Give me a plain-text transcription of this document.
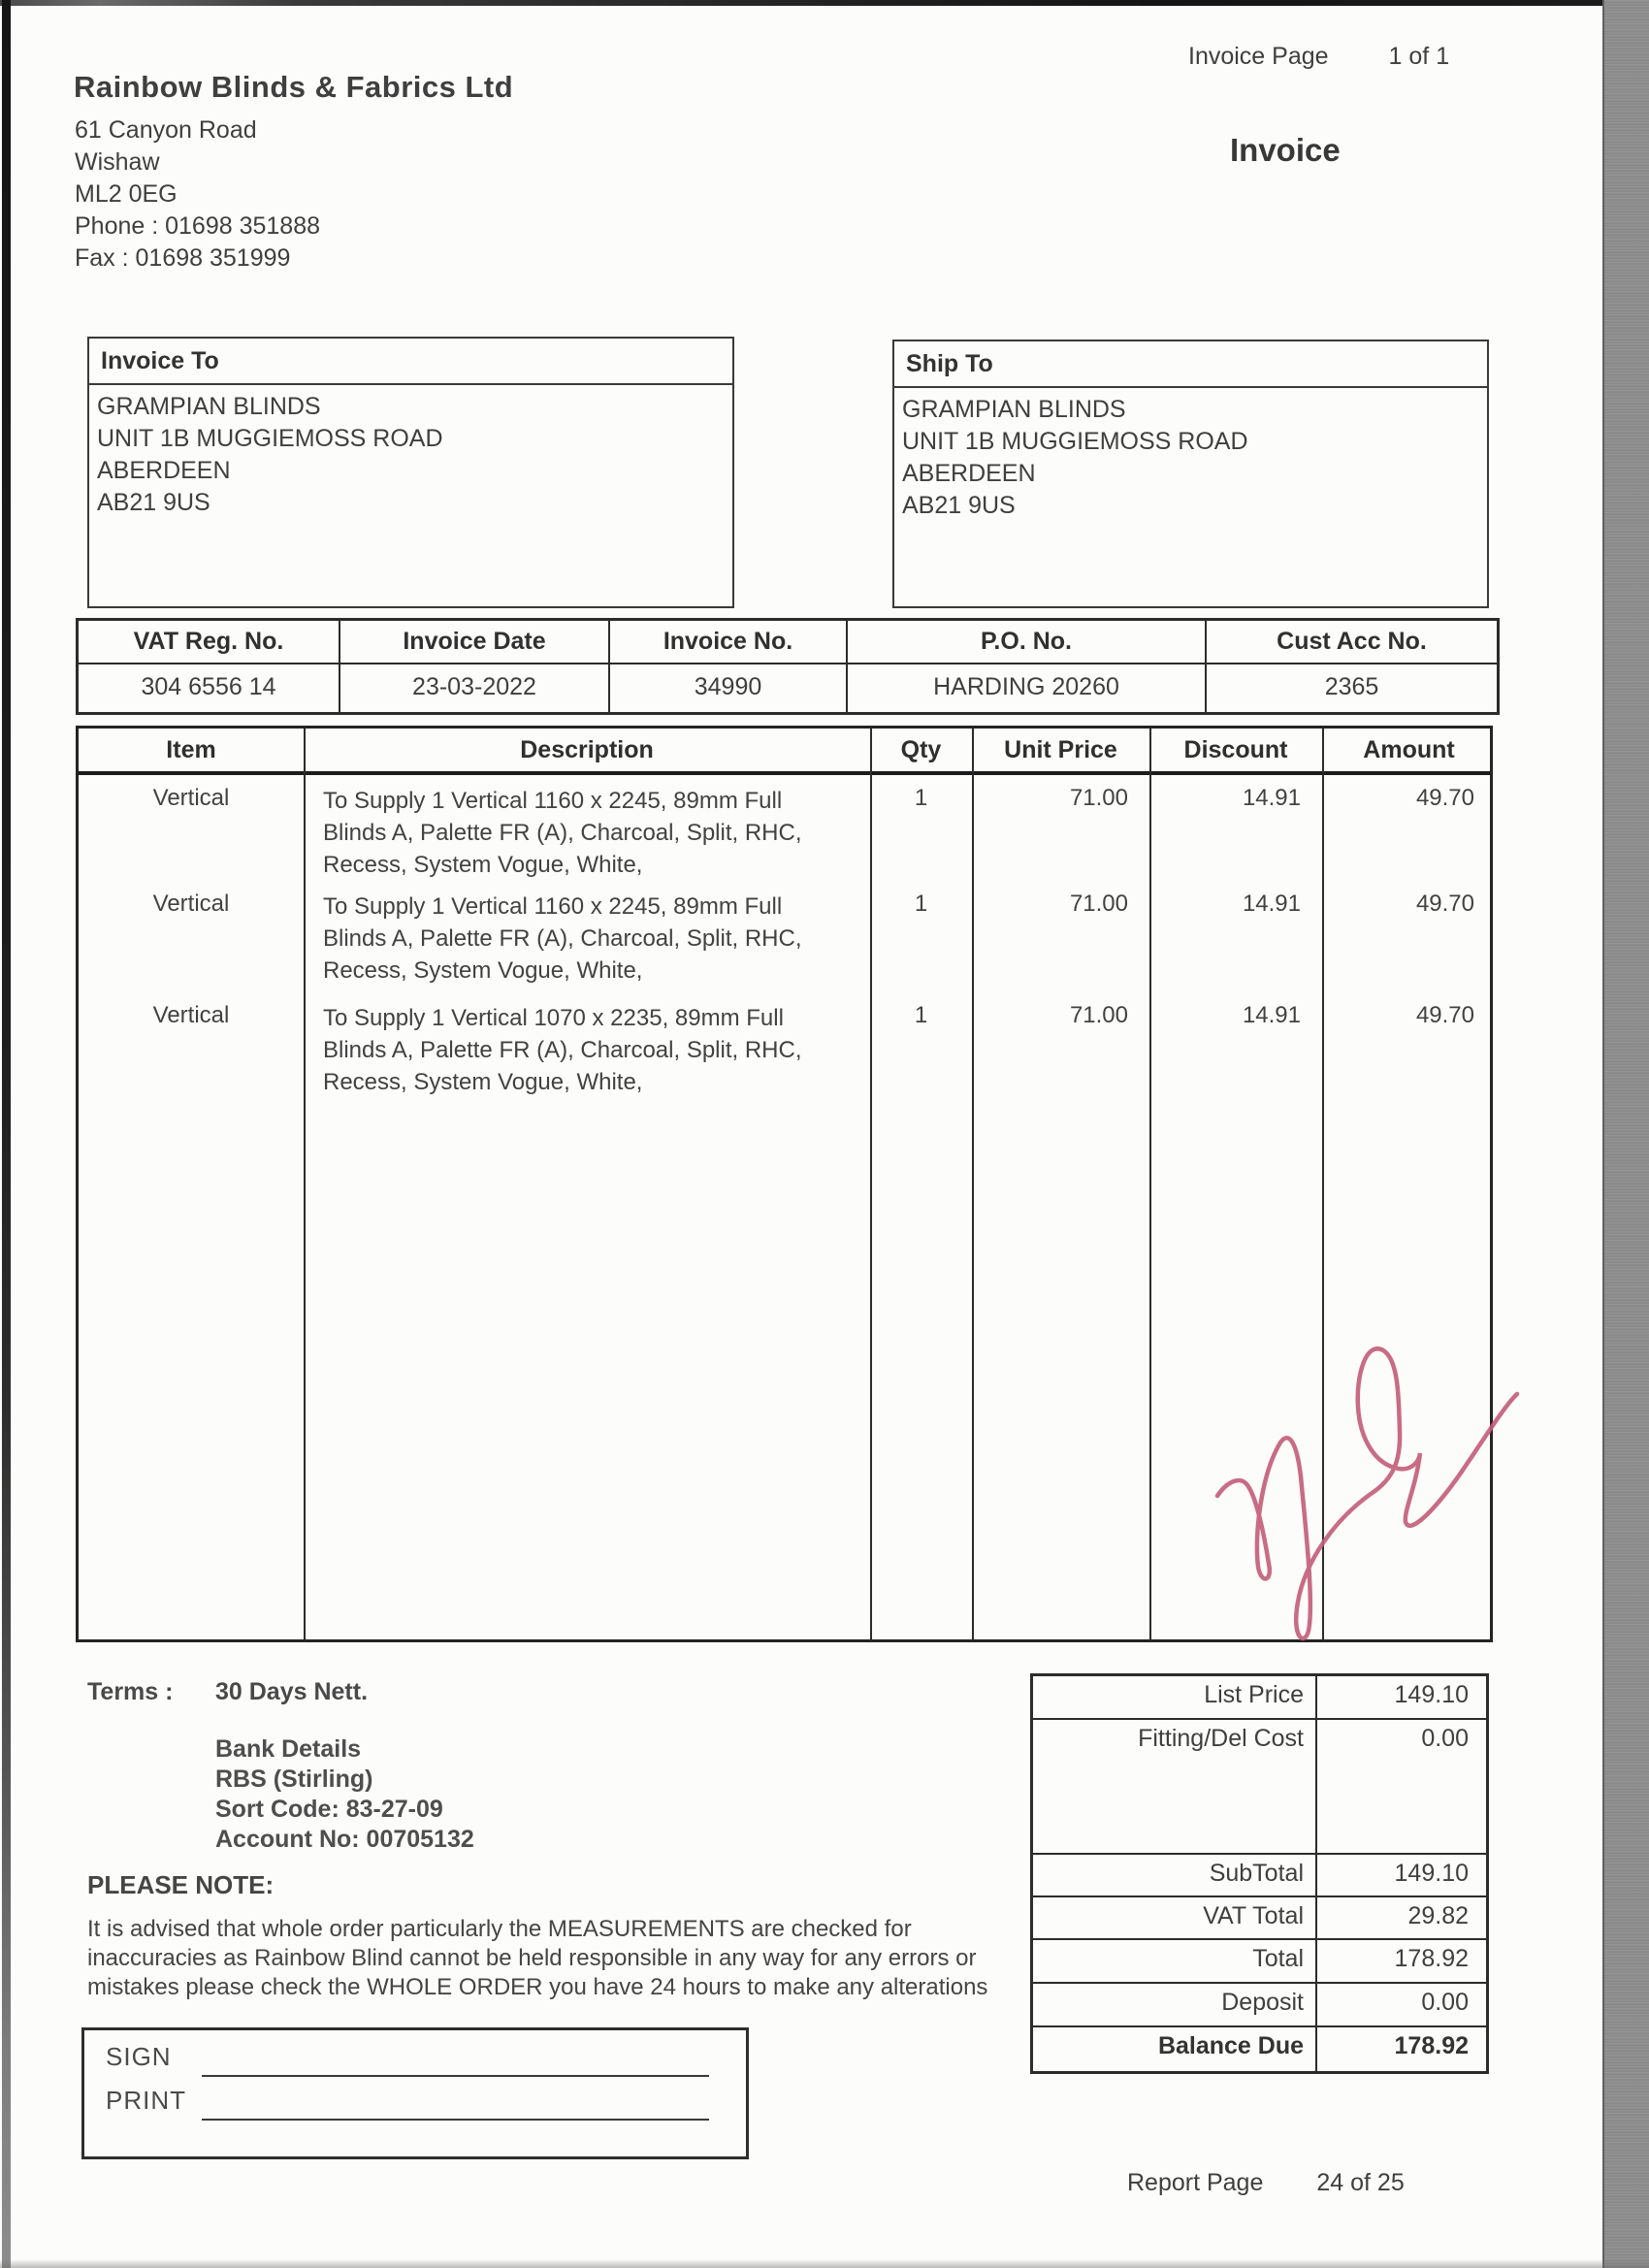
Rainbow Blinds & Fabrics Ltd
61 Canyon Road
Wishaw
ML2 0EG
Phone : 01698 351888
Fax : 01698 351999
Invoice Page 1 of 1
Invoice
Invoice To
GRAMPIAN BLINDS
UNIT 1B MUGGIEMOSS ROAD
ABERDEEN
AB21 9US
Ship To
GRAMPIAN BLINDS
UNIT 1B MUGGIEMOSS ROAD
ABERDEEN
AB21 9US
VAT Reg. No.	Invoice Date	Invoice No.	P.O. No.	Cust Acc No.
304 6556 14	23-03-2022	34990	HARDING 20260	2365
Item	Description	Qty	Unit Price	Discount	Amount
Vertical	To Supply 1 Vertical 1160 x 2245, 89mm Full
Blinds A, Palette FR (A), Charcoal, Split, RHC,
Recess, System Vogue, White,
1	71.00	14.91	49.70
Vertical	To Supply 1 Vertical 1160 x 2245, 89mm Full
Blinds A, Palette FR (A), Charcoal, Split, RHC,
Recess, System Vogue, White,
1	71.00	14.91	49.70
Vertical	To Supply 1 Vertical 1070 x 2235, 89mm Full
Blinds A, Palette FR (A), Charcoal, Split, RHC,
Recess, System Vogue, White,
1	71.00	14.91	49.70
Terms : 30 Days Nett.
Bank Details
RBS (Stirling)
Sort Code: 83-27-09
Account No: 00705132
PLEASE NOTE:
It is advised that whole order particularly the MEASUREMENTS are checked for
inaccuracies as Rainbow Blind cannot be held responsible in any way for any errors or
mistakes please check the WHOLE ORDER you have 24 hours to make any alterations
List Price	149.10
Fitting/Del Cost	0.00
SubTotal	149.10
VAT Total	29.82
Total	178.92
Deposit	0.00
Balance Due	178.92
SIGN
PRINT
Report Page 24 of 25
